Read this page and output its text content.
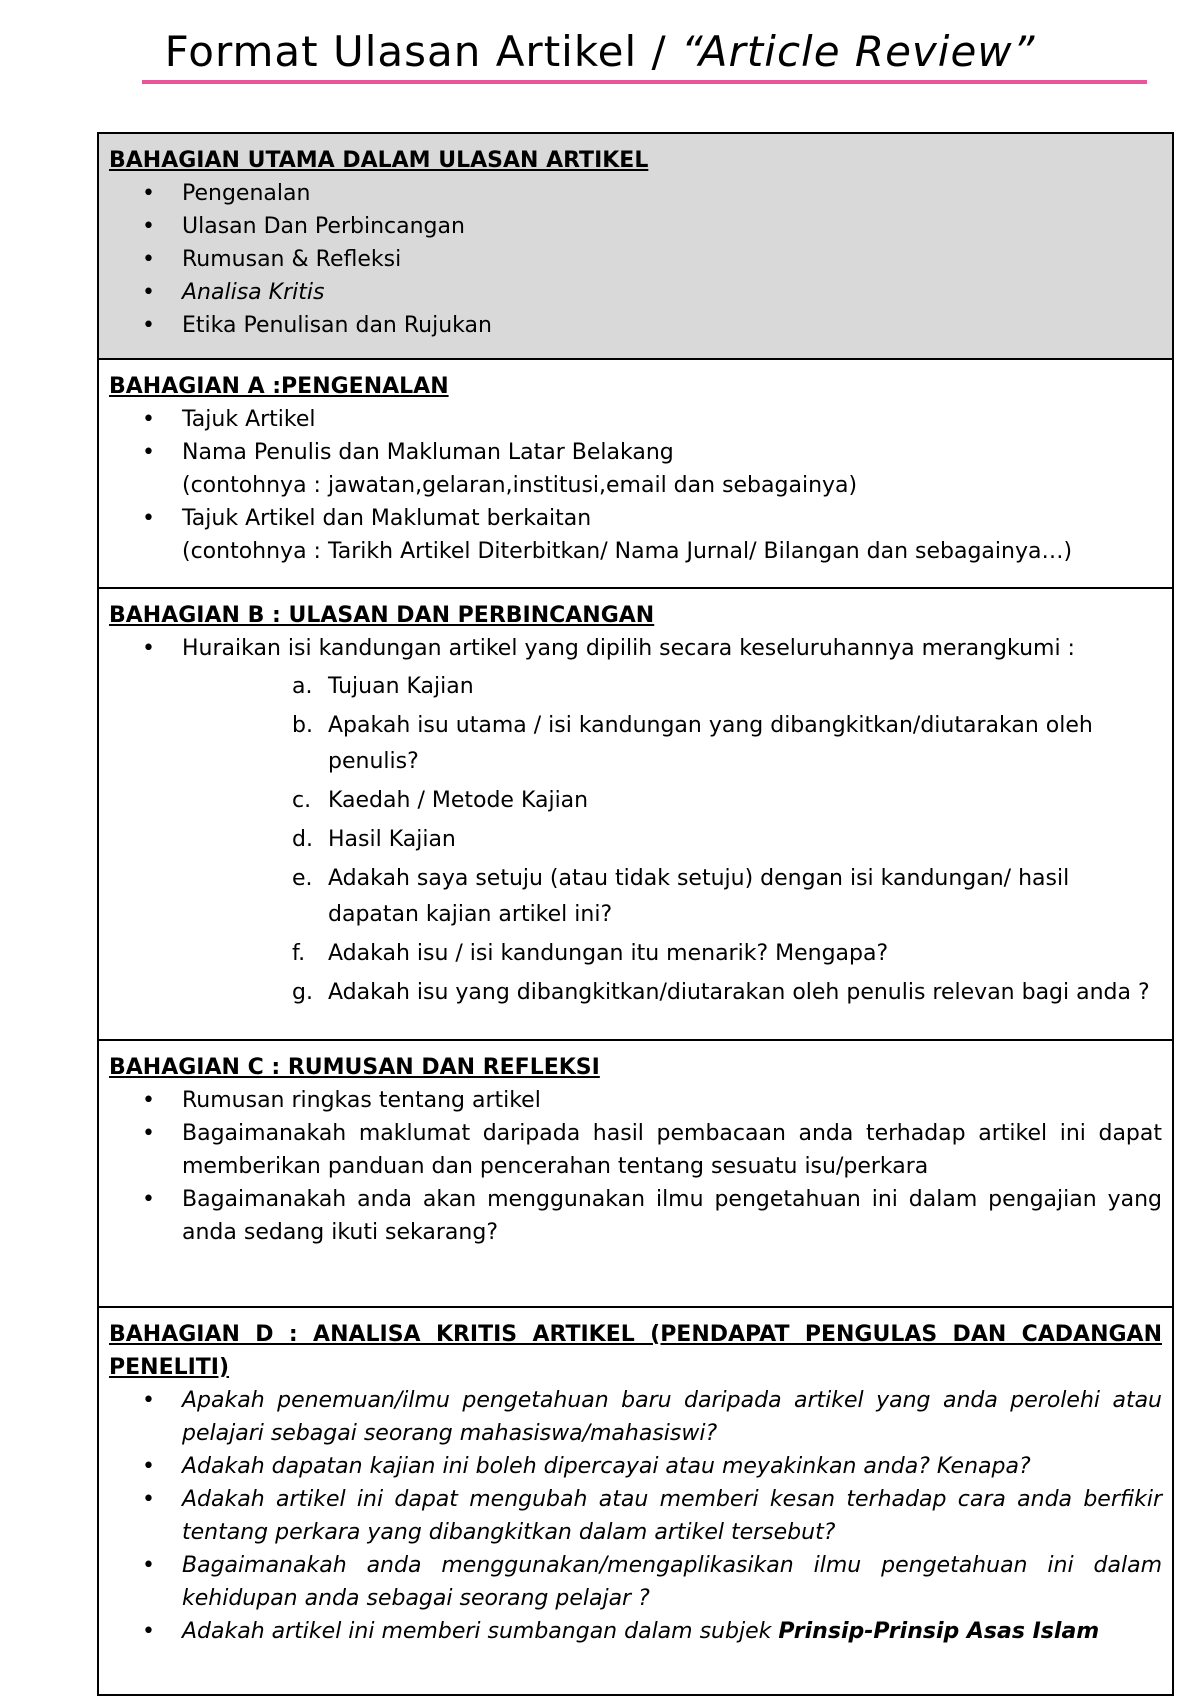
Format Ulasan Artikel / “Article Review”
BAHAGIAN UTAMA DALAM ULASAN ARTIKEL
• Pengenalan
• Ulasan Dan Perbincangan
• Rumusan & Refleksi
• Analisa Kritis
• Etika Penulisan dan Rujukan
BAHAGIAN A :PENGENALAN
• Tajuk Artikel
• Nama Penulis dan Makluman Latar Belakang
(contohnya : jawatan,gelaran,institusi,email dan sebagainya)
• Tajuk Artikel dan Maklumat berkaitan
(contohnya : Tarikh Artikel Diterbitkan/ Nama Jurnal/ Bilangan dan sebagainya…)
BAHAGIAN B : ULASAN DAN PERBINCANGAN
• Huraikan isi kandungan artikel yang dipilih secara keseluruhannya merangkumi :
a. Tujuan Kajian
b. Apakah isu utama / isi kandungan yang dibangkitkan/diutarakan oleh penulis?
c. Kaedah / Metode Kajian
d. Hasil Kajian
e. Adakah saya setuju (atau tidak setuju) dengan isi kandungan/ hasil dapatan kajian artikel ini?
f. Adakah isu / isi kandungan itu menarik? Mengapa?
g. Adakah isu yang dibangkitkan/diutarakan oleh penulis relevan bagi anda ?
BAHAGIAN C : RUMUSAN DAN REFLEKSI
• Rumusan ringkas tentang artikel
• Bagaimanakah maklumat daripada hasil pembacaan anda terhadap artikel ini dapat memberikan panduan dan pencerahan tentang sesuatu isu/perkara
• Bagaimanakah anda akan menggunakan ilmu pengetahuan ini dalam pengajian yang anda sedang ikuti sekarang?
BAHAGIAN D : ANALISA KRITIS ARTIKEL (PENDAPAT PENGULAS DAN CADANGAN PENELITI)
• Apakah penemuan/ilmu pengetahuan baru daripada artikel yang anda perolehi atau pelajari sebagai seorang mahasiswa/mahasiswi?
• Adakah dapatan kajian ini boleh dipercayai atau meyakinkan anda? Kenapa?
• Adakah artikel ini dapat mengubah atau memberi kesan terhadap cara anda berfikir tentang perkara yang dibangkitkan dalam artikel tersebut?
• Bagaimanakah anda menggunakan/mengaplikasikan ilmu pengetahuan ini dalam kehidupan anda sebagai seorang pelajar ?
• Adakah artikel ini memberi sumbangan dalam subjek Prinsip-Prinsip Asas Islam
